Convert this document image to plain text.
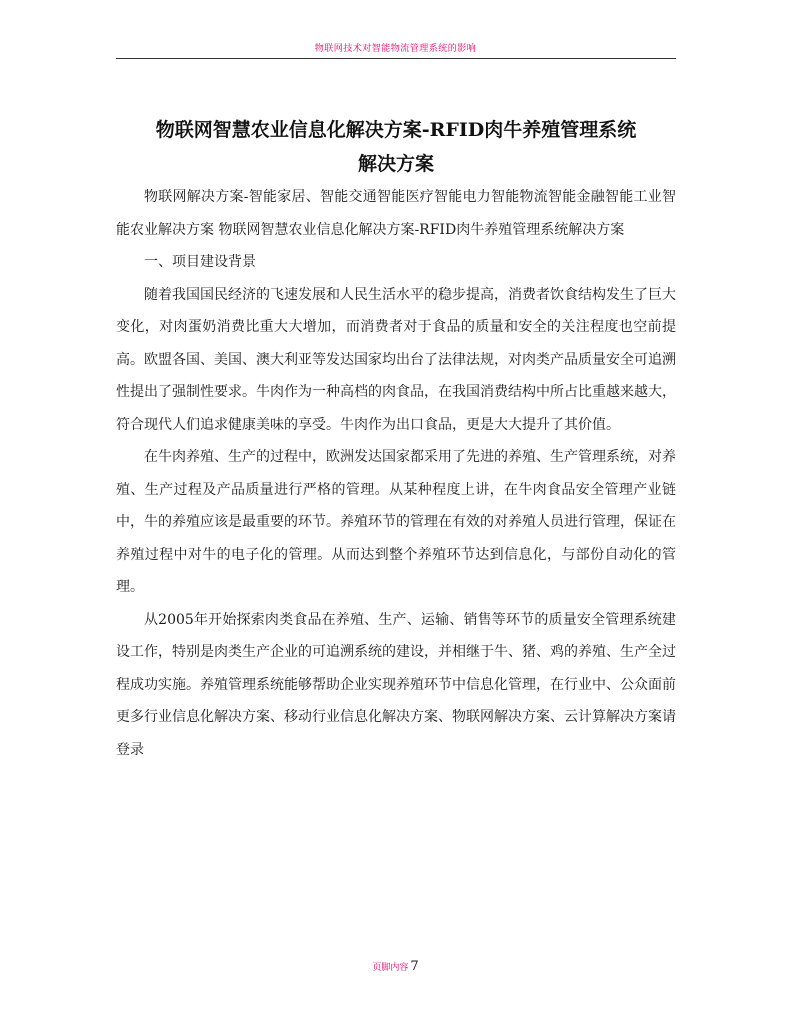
物联网技术对智能物流管理系统的影响
物联网智慧农业信息化解决方案-RFID肉牛养殖管理系统
解决方案

物联网解决方案-智能家居、智能交通智能医疗智能电力智能物流智能金融智能工业智能农业解决方案 物联网智慧农业信息化解决方案-RFID肉牛养殖管理系统解决方案

一、项目建设背景

随着我国国民经济的飞速发展和人民生活水平的稳步提高，消费者饮食结构发生了巨大变化，对肉蛋奶消费比重大大增加，而消费者对于食品的质量和安全的关注程度也空前提高。欧盟各国、美国、澳大利亚等发达国家均出台了法律法规，对肉类产品质量安全可追溯性提出了强制性要求。牛肉作为一种高档的肉食品，在我国消费结构中所占比重越来越大，符合现代人们追求健康美味的享受。牛肉作为出口食品，更是大大提升了其价值。

在牛肉养殖、生产的过程中，欧洲发达国家都采用了先进的养殖、生产管理系统，对养殖、生产过程及产品质量进行严格的管理。从某种程度上讲，在牛肉食品安全管理产业链中，牛的养殖应该是最重要的环节。养殖环节的管理在有效的对养殖人员进行管理，保证在养殖过程中对牛的电子化的管理。从而达到整个养殖环节达到信息化，与部份自动化的管理。

从2005年开始探索肉类食品在养殖、生产、运输、销售等环节的质量安全管理系统建设工作，特别是肉类生产企业的可追溯系统的建设，并相继于牛、猪、鸡的养殖、生产全过程成功实施。养殖管理系统能够帮助企业实现养殖环节中信息化管理，在行业中、公众面前更多行业信息化解决方案、移动行业信息化解决方案、物联网解决方案、云计算解决方案请登录

页脚内容 7
